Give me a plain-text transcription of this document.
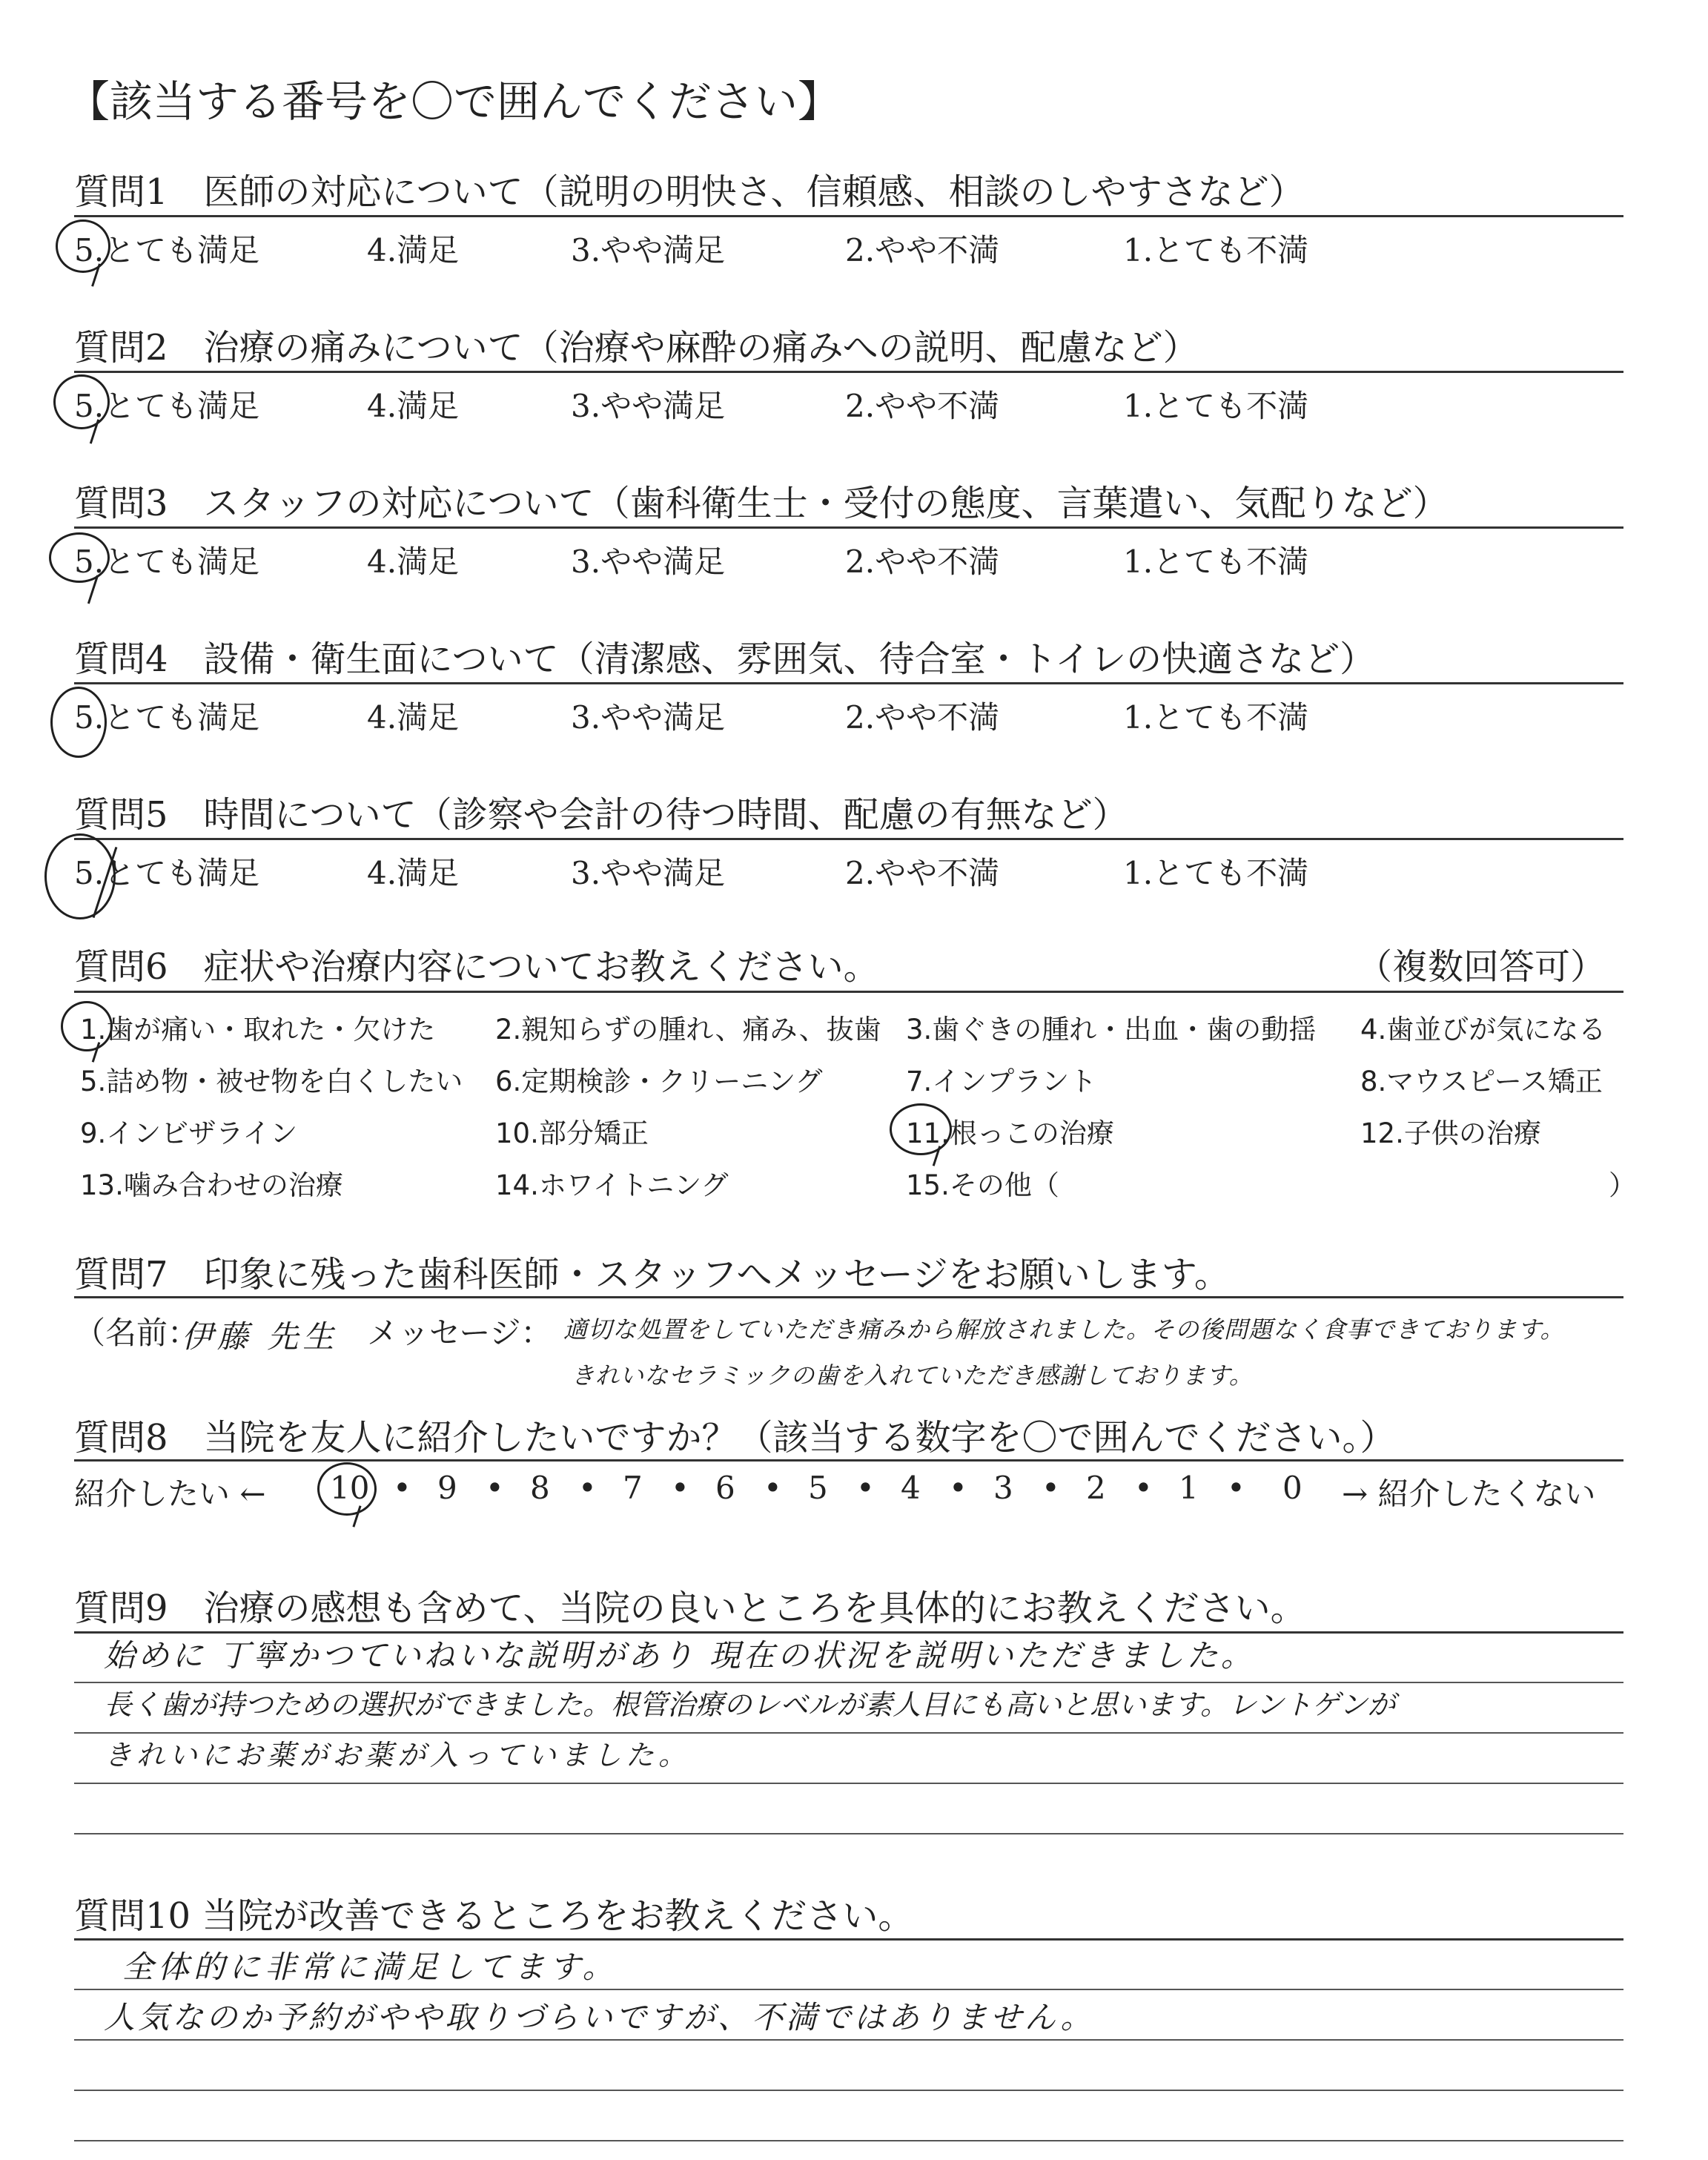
【該当する番号を〇で囲んでください】
質問1　医師の対応について（説明の明快さ、信頼感、相談のしやすさなど）
5.とても満足	4.満足	3.やや満足	2.やや不満	1.とても不満
質問2　治療の痛みについて（治療や麻酔の痛みへの説明、配慮など）
5.とても満足	4.満足	3.やや満足	2.やや不満	1.とても不満
質問3　スタッフの対応について（歯科衛生士・受付の態度、言葉遣い、気配りなど）
5.とても満足	4.満足	3.やや満足	2.やや不満	1.とても不満
質問4　設備・衛生面について（清潔感、雰囲気、待合室・トイレの快適さなど）
5.とても満足	4.満足	3.やや満足	2.やや不満	1.とても不満
質問5　時間について（診察や会計の待つ時間、配慮の有無など）
5.とても満足	4.満足	3.やや満足	2.やや不満	1.とても不満
質問6　症状や治療内容についてお教えください。	（複数回答可）
1.歯が痛い・取れた・欠けた 2.親知らずの腫れ、痛み、抜歯 3.歯ぐきの腫れ・出血・歯の動揺 4.歯並びが気になる
5.詰め物・被せ物を白くしたい 6.定期検診・クリーニング	7.インプラント	8.マウスピース矯正
9.インビザライン	10.部分矯正	11.根っこの治療	12.子供の治療
13.噛み合わせの治療	14.ホワイトニング	15.その他（	）
質問7　印象に残った歯科医師・スタッフへメッセージをお願いします。
（名前：
伊藤 先生 メッセージ： 適切な処置をしていただき痛みから解放されました。その後問題なく食事できております。
きれいなセラミックの歯を入れていただき感謝しております。
質問8　当院を友人に紹介したいですか？（該当する数字を〇で囲んでください。）
紹介したい ← 10 • 9 • 8 • 7 • 6 • 5 • 4 • 3 • 2 • 1 • 0 → 紹介したくない
質問9　治療の感想も含めて、当院の良いところを具体的にお教えください。
始めに 丁寧かつていねいな説明があり 現在の状況を説明いただきました。
長く歯が持つための選択ができました。根管治療のレベルが素人目にも高いと思います。レントゲンが
きれいにお薬がお薬が入っていました。
質問10 当院が改善できるところをお教えください。
全体的に非常に満足してます。
人気なのか予約がやや取りづらいですが、不満ではありません。
